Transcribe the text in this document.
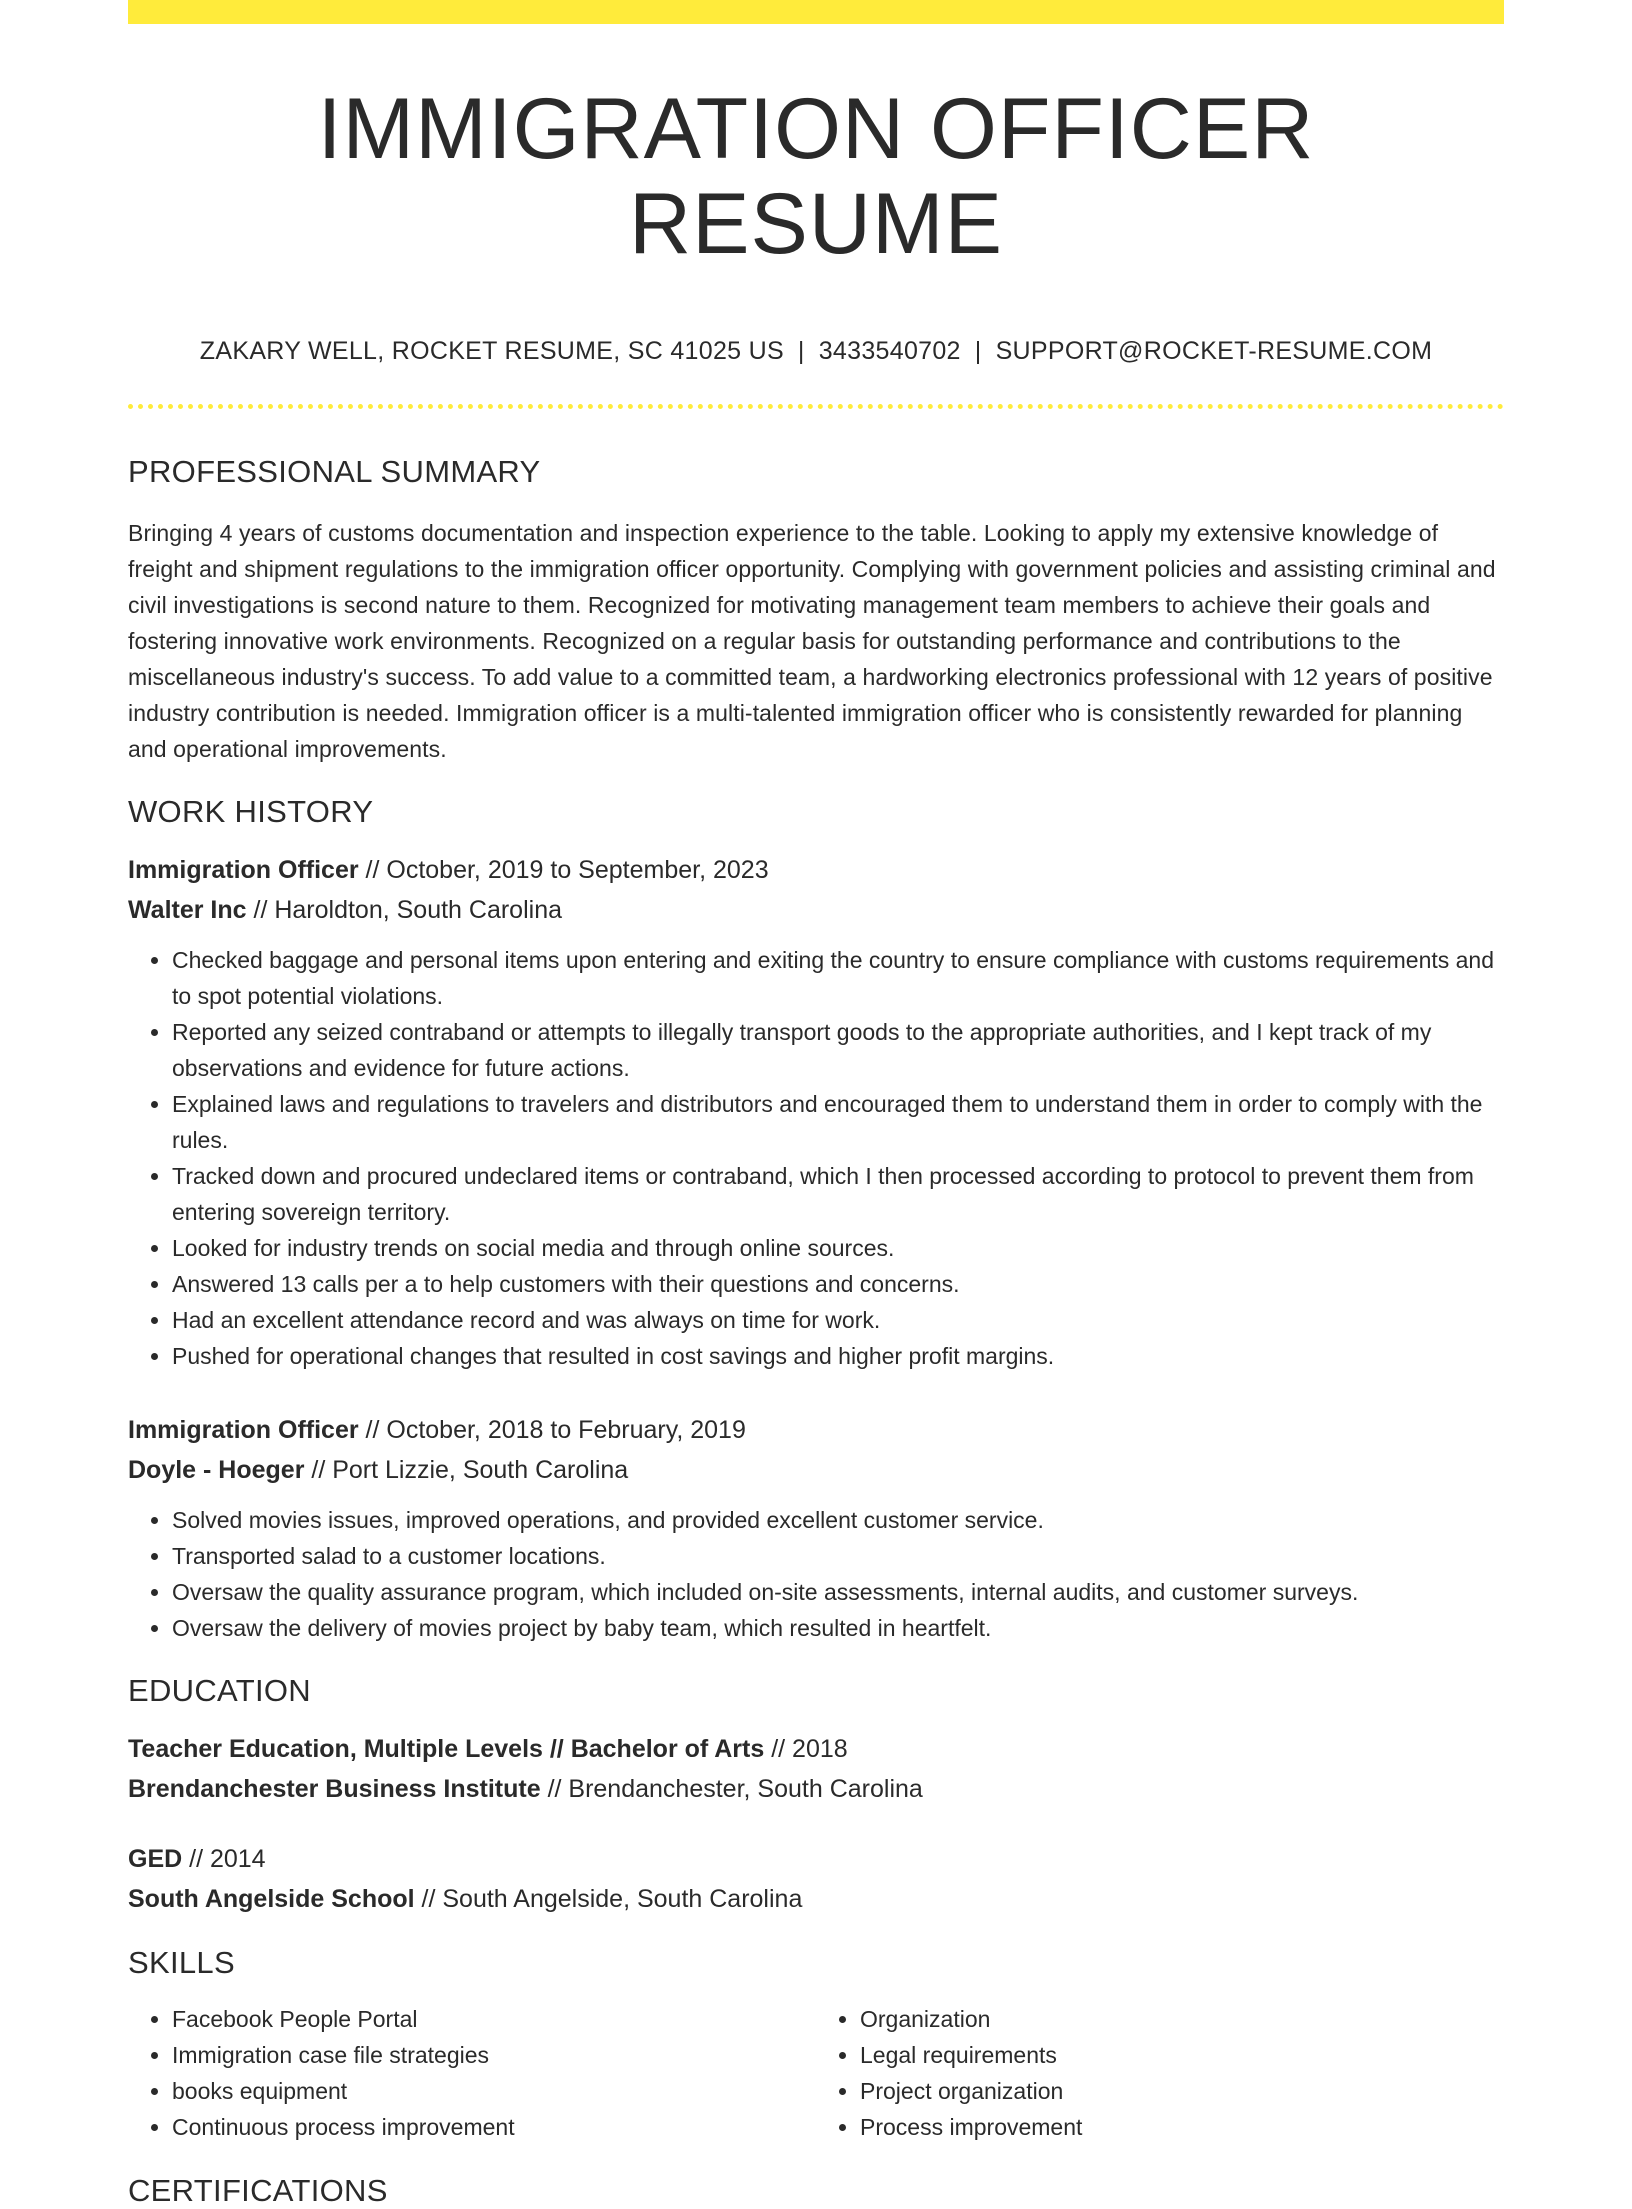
IMMIGRATION OFFICER RESUME
ZAKARY WELL, ROCKET RESUME, SC 41025 US | 3433540702 | SUPPORT@ROCKET-RESUME.COM
PROFESSIONAL SUMMARY

Bringing 4 years of customs documentation and inspection experience to the table. Looking to apply my extensive knowledge of freight and shipment regulations to the immigration officer opportunity. Complying with government policies and assisting criminal and civil investigations is second nature to them. Recognized for motivating management team members to achieve their goals and fostering innovative work environments. Recognized on a regular basis for outstanding performance and contributions to the miscellaneous industry's success. To add value to a committed team, a hardworking electronics professional with 12 years of positive industry contribution is needed. Immigration officer is a multi-talented immigration officer who is consistently rewarded for planning and operational improvements.

WORK HISTORY
Immigration Officer // October, 2019 to September, 2023
Walter Inc // Haroldton, South Carolina
• Checked baggage and personal items upon entering and exiting the country to ensure compliance with customs requirements and to spot potential violations.
• Reported any seized contraband or attempts to illegally transport goods to the appropriate authorities, and I kept track of my observations and evidence for future actions.
• Explained laws and regulations to travelers and distributors and encouraged them to understand them in order to comply with the rules.
• Tracked down and procured undeclared items or contraband, which I then processed according to protocol to prevent them from entering sovereign territory.
• Looked for industry trends on social media and through online sources.
• Answered 13 calls per a to help customers with their questions and concerns.
• Had an excellent attendance record and was always on time for work.
• Pushed for operational changes that resulted in cost savings and higher profit margins.
Immigration Officer // October, 2018 to February, 2019
Doyle - Hoeger // Port Lizzie, South Carolina
• Solved movies issues, improved operations, and provided excellent customer service.
• Transported salad to a customer locations.
• Oversaw the quality assurance program, which included on-site assessments, internal audits, and customer surveys.
• Oversaw the delivery of movies project by baby team, which resulted in heartfelt.
EDUCATION
Teacher Education, Multiple Levels // Bachelor of Arts // 2018
Brendanchester Business Institute // Brendanchester, South Carolina
GED // 2014
South Angelside School // South Angelside, South Carolina
SKILLS
• Facebook People Portal
• Immigration case file strategies
• books equipment
• Continuous process improvement
• Organization
• Legal requirements
• Project organization
• Process improvement
CERTIFICATIONS
